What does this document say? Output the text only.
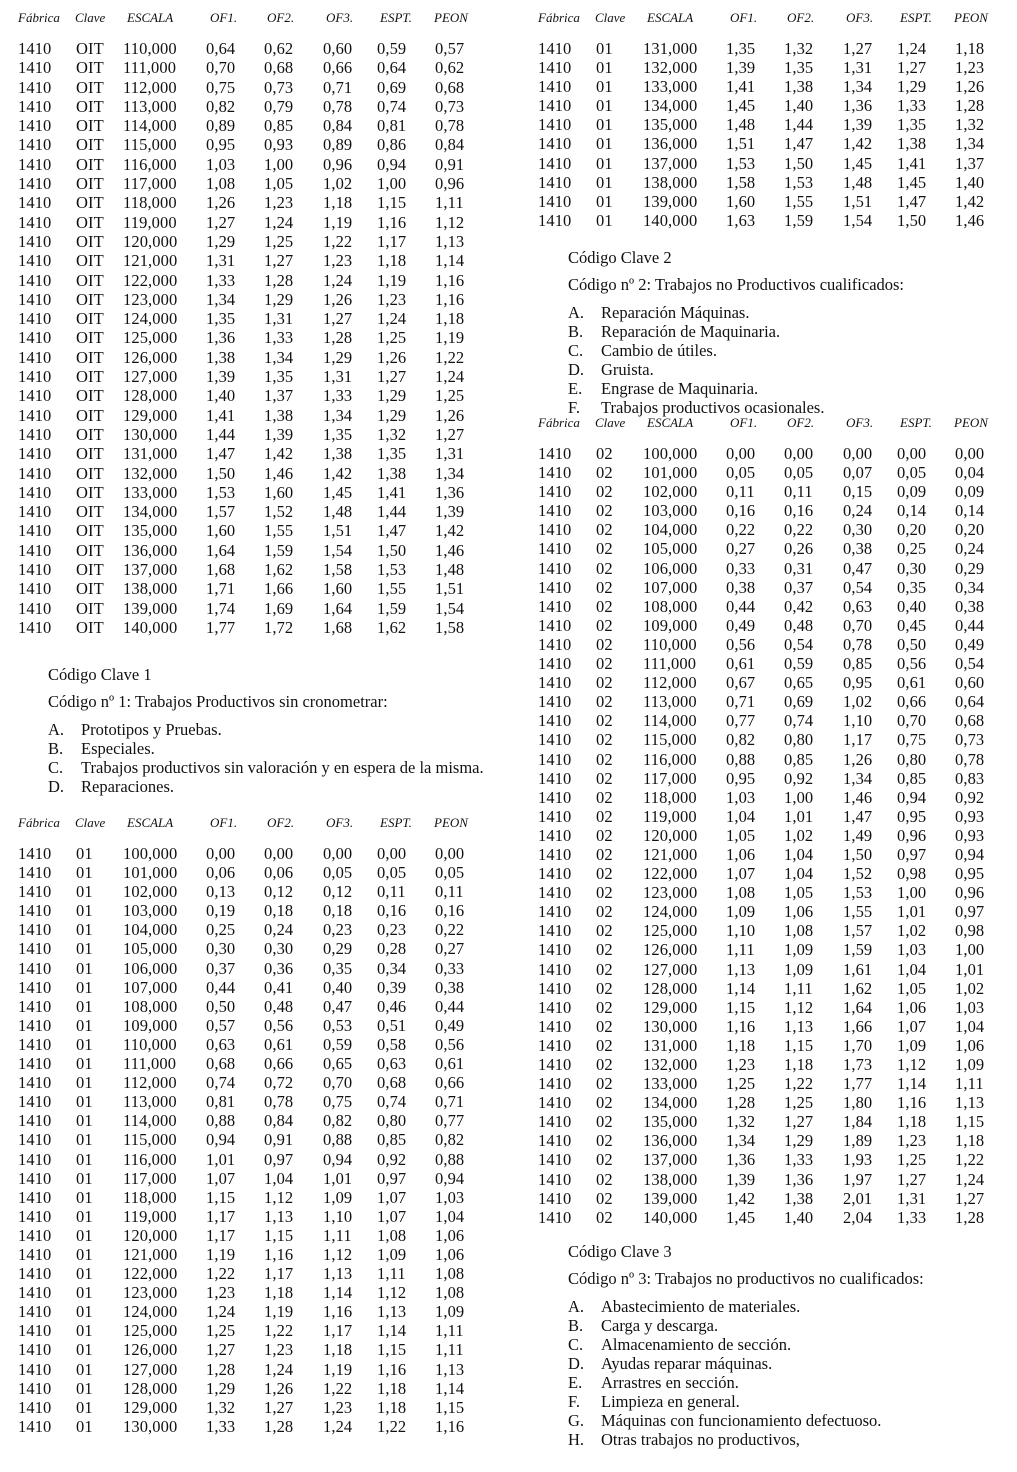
Fábrica Clave ESCALA	OF1. OF2. OF3. ESPT. PEON
1410 OIT 110,000 0,64 0,62 0,60 0,59 0,57
1410 OIT 111,000 0,70 0,68 0,66 0,64 0,62
1410 OIT 112,000 0,75 0,73 0,71 0,69 0,68
1410 OIT 113,000 0,82 0,79 0,78 0,74 0,73
1410 OIT 114,000 0,89 0,85 0,84 0,81 0,78
1410 OIT 115,000 0,95 0,93 0,89 0,86 0,84
1410 OIT 116,000 1,03 1,00 0,96 0,94 0,91
1410 OIT 117,000 1,08 1,05 1,02 1,00 0,96
1410 OIT 118,000 1,26 1,23 1,18 1,15 1,11
1410 OIT 119,000 1,27 1,24 1,19 1,16 1,12
1410 OIT 120,000 1,29 1,25 1,22 1,17 1,13
1410 OIT 121,000 1,31 1,27 1,23 1,18 1,14
1410 OIT 122,000 1,33 1,28 1,24 1,19 1,16
1410 OIT 123,000 1,34 1,29 1,26 1,23 1,16
1410 OIT 124,000 1,35 1,31 1,27 1,24 1,18
1410 OIT 125,000 1,36 1,33 1,28 1,25 1,19
1410 OIT 126,000 1,38 1,34 1,29 1,26 1,22
1410 OIT 127,000 1,39 1,35 1,31 1,27 1,24
1410 OIT 128,000 1,40 1,37 1,33 1,29 1,25
1410 OIT 129,000 1,41 1,38 1,34 1,29 1,26
1410 OIT 130,000 1,44 1,39 1,35 1,32 1,27
1410 OIT 131,000 1,47 1,42 1,38 1,35 1,31
1410 OIT 132,000 1,50 1,46 1,42 1,38 1,34
1410 OIT 133,000 1,53 1,60 1,45 1,41 1,36
1410 OIT 134,000 1,57 1,52 1,48 1,44 1,39
1410 OIT 135,000 1,60 1,55 1,51 1,47 1,42
1410 OIT 136,000 1,64 1,59 1,54 1,50 1,46
1410 OIT 137,000 1,68 1,62 1,58 1,53 1,48
1410 OIT 138,000 1,71 1,66 1,60 1,55 1,51
1410 OIT 139,000 1,74 1,69 1,64 1,59 1,54
1410 OIT 140,000 1,77 1,72 1,68 1,62 1,58
Código Clave 1
Código nº 1: Trabajos Productivos sin cronometrar:
A. Prototipos y Pruebas.
B. Especiales.
C. Trabajos productivos sin valoración y en espera de la misma.
D. Reparaciones.
Fábrica Clave ESCALA	OF1. OF2. OF3. ESPT. PEON
1410 01 100,000 0,00 0,00 0,00 0,00 0,00
1410 01 101,000 0,06 0,06 0,05 0,05 0,05
1410 01 102,000 0,13 0,12 0,12 0,11 0,11
1410 01 103,000 0,19 0,18 0,18 0,16 0,16
1410 01 104,000 0,25 0,24 0,23 0,23 0,22
1410 01 105,000 0,30 0,30 0,29 0,28 0,27
1410 01 106,000 0,37 0,36 0,35 0,34 0,33
1410 01 107,000 0,44 0,41 0,40 0,39 0,38
1410 01 108,000 0,50 0,48 0,47 0,46 0,44
1410 01 109,000 0,57 0,56 0,53 0,51 0,49
1410 01 110,000 0,63 0,61 0,59 0,58 0,56
1410 01 111,000 0,68 0,66 0,65 0,63 0,61
1410 01 112,000 0,74 0,72 0,70 0,68 0,66
1410 01 113,000 0,81 0,78 0,75 0,74 0,71
1410 01 114,000 0,88 0,84 0,82 0,80 0,77
1410 01 115,000 0,94 0,91 0,88 0,85 0,82
1410 01 116,000 1,01 0,97 0,94 0,92 0,88
1410 01 117,000 1,07 1,04 1,01 0,97 0,94
1410 01 118,000 1,15 1,12 1,09 1,07 1,03
1410 01 119,000 1,17 1,13 1,10 1,07 1,04
1410 01 120,000 1,17 1,15 1,11 1,08 1,06
1410 01 121,000 1,19 1,16 1,12 1,09 1,06
1410 01 122,000 1,22 1,17 1,13 1,11 1,08
1410 01 123,000 1,23 1,18 1,14 1,12 1,08
1410 01 124,000 1,24 1,19 1,16 1,13 1,09
1410 01 125,000 1,25 1,22 1,17 1,14 1,11
1410 01 126,000 1,27 1,23 1,18 1,15 1,11
1410 01 127,000 1,28 1,24 1,19 1,16 1,13
1410 01 128,000 1,29 1,26 1,22 1,18 1,14
1410 01 129,000 1,32 1,27 1,23 1,18 1,15
1410 01 130,000 1,33 1,28 1,24 1,22 1,16
Fábrica Clave ESCALA	OF1. OF2. OF3. ESPT. PEON
1410 01 131,000 1,35 1,32 1,27 1,24 1,18
1410 01 132,000 1,39 1,35 1,31 1,27 1,23
1410 01 133,000 1,41 1,38 1,34 1,29 1,26
1410 01 134,000 1,45 1,40 1,36 1,33 1,28
1410 01 135,000 1,48 1,44 1,39 1,35 1,32
1410 01 136,000 1,51 1,47 1,42 1,38 1,34
1410 01 137,000 1,53 1,50 1,45 1,41 1,37
1410 01 138,000 1,58 1,53 1,48 1,45 1,40
1410 01 139,000 1,60 1,55 1,51 1,47 1,42
1410 01 140,000 1,63 1,59 1,54 1,50 1,46
Código Clave 2
Código nº 2: Trabajos no Productivos cualificados:
A. Reparación Máquinas.
B. Reparación de Maquinaria.
C. Cambio de útiles.
D. Gruista.
E. Engrase de Maquinaria.
F. Trabajos productivos ocasionales.
Fábrica Clave ESCALA	OF1. OF2. OF3. ESPT. PEON
1410 02 100,000 0,00 0,00 0,00 0,00 0,00
1410 02 101,000 0,05 0,05 0,07 0,05 0,04
1410 02 102,000 0,11 0,11 0,15 0,09 0,09
1410 02 103,000 0,16 0,16 0,24 0,14 0,14
1410 02 104,000 0,22 0,22 0,30 0,20 0,20
1410 02 105,000 0,27 0,26 0,38 0,25 0,24
1410 02 106,000 0,33 0,31 0,47 0,30 0,29
1410 02 107,000 0,38 0,37 0,54 0,35 0,34
1410 02 108,000 0,44 0,42 0,63 0,40 0,38
1410 02 109,000 0,49 0,48 0,70 0,45 0,44
1410 02 110,000 0,56 0,54 0,78 0,50 0,49
1410 02 111,000 0,61 0,59 0,85 0,56 0,54
1410 02 112,000 0,67 0,65 0,95 0,61 0,60
1410 02 113,000 0,71 0,69 1,02 0,66 0,64
1410 02 114,000 0,77 0,74 1,10 0,70 0,68
1410 02 115,000 0,82 0,80 1,17 0,75 0,73
1410 02 116,000 0,88 0,85 1,26 0,80 0,78
1410 02 117,000 0,95 0,92 1,34 0,85 0,83
1410 02 118,000 1,03 1,00 1,46 0,94 0,92
1410 02 119,000 1,04 1,01 1,47 0,95 0,93
1410 02 120,000 1,05 1,02 1,49 0,96 0,93
1410 02 121,000 1,06 1,04 1,50 0,97 0,94
1410 02 122,000 1,07 1,04 1,52 0,98 0,95
1410 02 123,000 1,08 1,05 1,53 1,00 0,96
1410 02 124,000 1,09 1,06 1,55 1,01 0,97
1410 02 125,000 1,10 1,08 1,57 1,02 0,98
1410 02 126,000 1,11 1,09 1,59 1,03 1,00
1410 02 127,000 1,13 1,09 1,61 1,04 1,01
1410 02 128,000 1,14 1,11 1,62 1,05 1,02
1410 02 129,000 1,15 1,12 1,64 1,06 1,03
1410 02 130,000 1,16 1,13 1,66 1,07 1,04
1410 02 131,000 1,18 1,15 1,70 1,09 1,06
1410 02 132,000 1,23 1,18 1,73 1,12 1,09
1410 02 133,000 1,25 1,22 1,77 1,14 1,11
1410 02 134,000 1,28 1,25 1,80 1,16 1,13
1410 02 135,000 1,32 1,27 1,84 1,18 1,15
1410 02 136,000 1,34 1,29 1,89 1,23 1,18
1410 02 137,000 1,36 1,33 1,93 1,25 1,22
1410 02 138,000 1,39 1,36 1,97 1,27 1,24
1410 02 139,000 1,42 1,38 2,01 1,31 1,27
1410 02 140,000 1,45 1,40 2,04 1,33 1,28
Código Clave 3
Código nº 3: Trabajos no productivos no cualificados:
A. Abastecimiento de materiales.
B. Carga y descarga.
C. Almacenamiento de sección.
D. Ayudas reparar máquinas.
E. Arrastres en sección.
F. Limpieza en general.
G. Máquinas con funcionamiento defectuoso.
H. Otras trabajos no productivos,
